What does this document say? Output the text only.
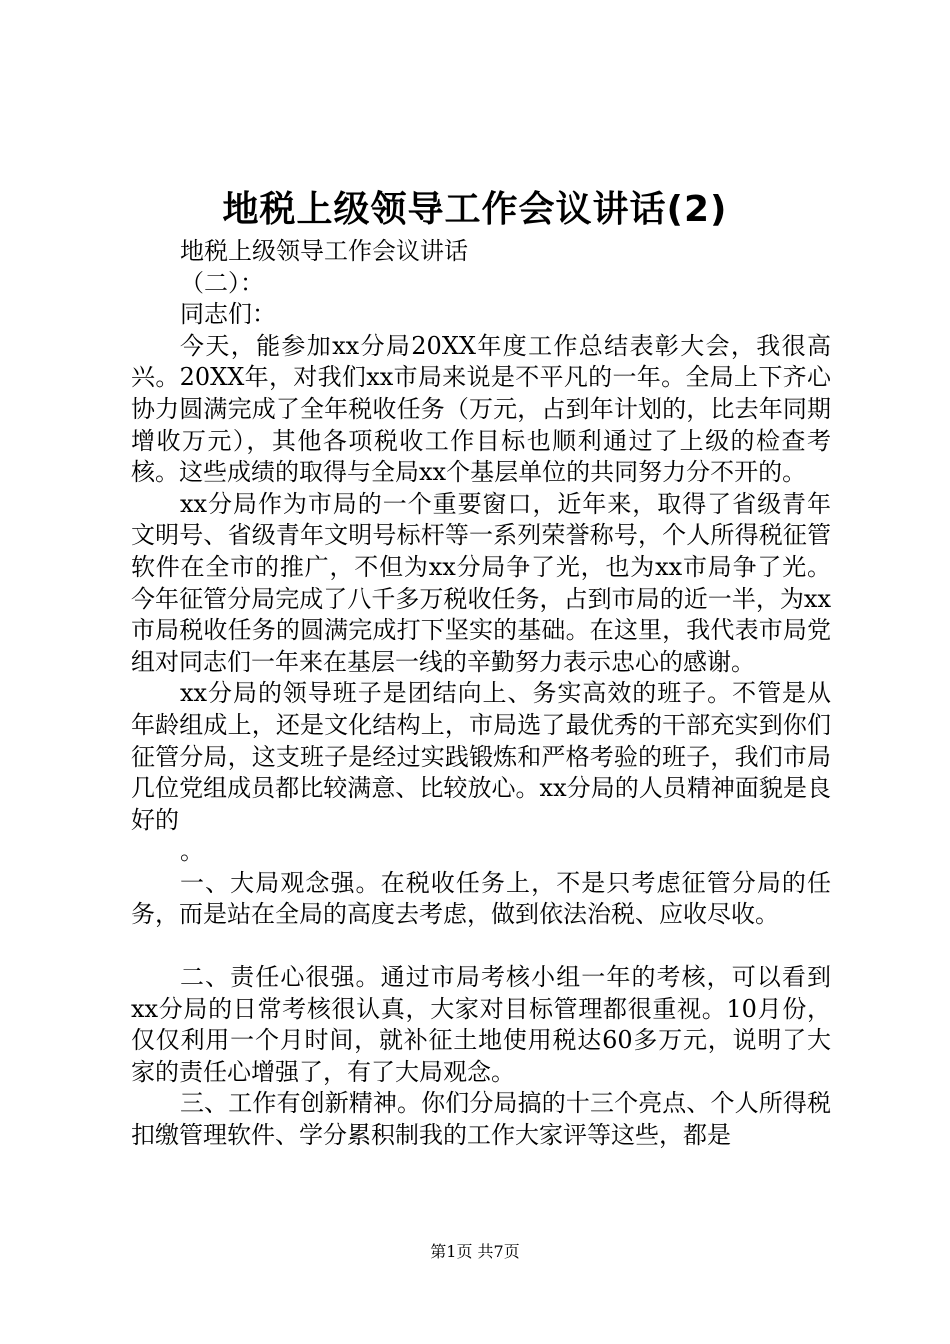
地税上级领导工作会议讲话(2)

地税上级领导工作会议讲话

（二）：

同志们：

今天，能参加xx分局20XX年度工作总结表彰大会，我很高兴。20XX年，对我们xx市局来说是不平凡的一年。全局上下齐心协力圆满完成了全年税收任务（万元，占到年计划的，比去年同期增收万元），其他各项税收工作目标也顺利通过了上级的检查考核。这些成绩的取得与全局xx个基层单位的共同努力分不开的。

xx分局作为市局的一个重要窗口，近年来，取得了省级青年文明号、省级青年文明号标杆等一系列荣誉称号，个人所得税征管软件在全市的推广，不但为xx分局争了光，也为xx市局争了光。今年征管分局完成了八千多万税收任务，占到市局的近一半，为xx市局税收任务的圆满完成打下坚实的基础。在这里，我代表市局党组对同志们一年来在基层一线的辛勤努力表示忠心的感谢。

xx分局的领导班子是团结向上、务实高效的班子。不管是从年龄组成上，还是文化结构上，市局选了最优秀的干部充实到你们征管分局，这支班子是经过实践锻炼和严格考验的班子，我们市局几位党组成员都比较满意、比较放心。xx分局的人员精神面貌是良好的

。

一、大局观念强。在税收任务上，不是只考虑征管分局的任务，而是站在全局的高度去考虑，做到依法治税、应收尽收。

二、责任心很强。通过市局考核小组一年的考核，可以看到xx分局的日常考核很认真，大家对目标管理都很重视。10月份，仅仅利用一个月时间，就补征土地使用税达60多万元，说明了大家的责任心增强了，有了大局观念。

三、工作有创新精神。你们分局搞的十三个亮点、个人所得税扣缴管理软件、学分累积制我的工作大家评等这些，都是

第1页 共7页
